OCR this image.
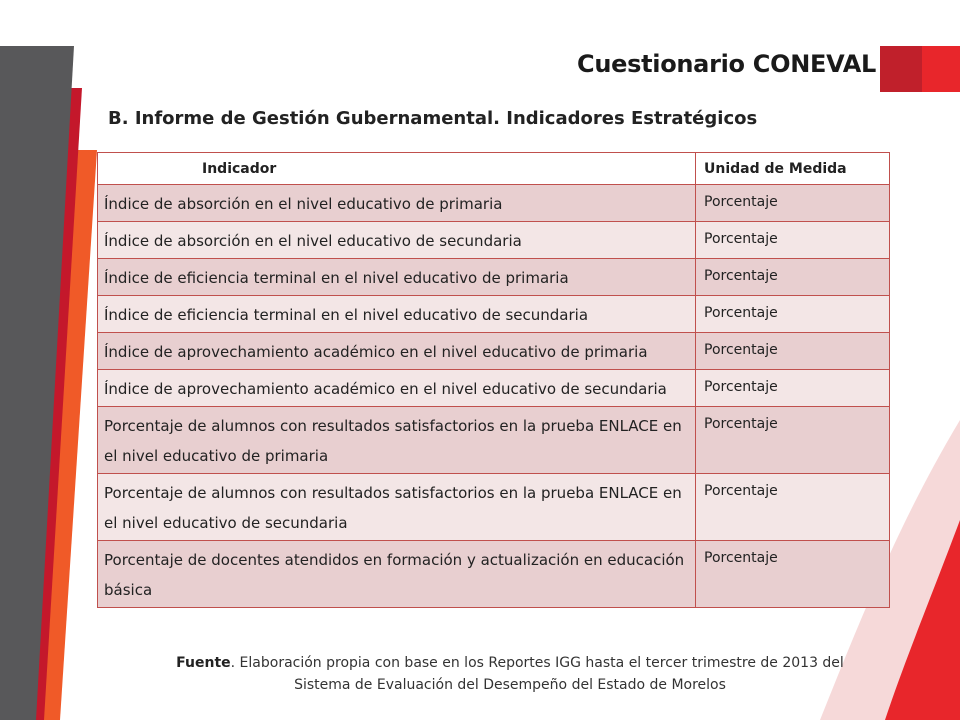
Cuestionario CONEVAL
B. Informe de Gestión Gubernamental. Indicadores Estratégicos
Indicador	Unidad de Medida
Índice de absorción en el nivel educativo de primaria	Porcentaje
Índice de absorción en el nivel educativo de secundaria	Porcentaje
Índice de eficiencia terminal en el nivel educativo de primaria	Porcentaje
Índice de eficiencia terminal en el nivel educativo de secundaria	Porcentaje
Índice de aprovechamiento académico en el nivel educativo de primaria	Porcentaje
Índice de aprovechamiento académico en el nivel educativo de secundaria	Porcentaje
Porcentaje de alumnos con resultados satisfactorios en la prueba ENLACE en el nivel educativo de primaria	Porcentaje
Porcentaje de alumnos con resultados satisfactorios en la prueba ENLACE en el nivel educativo de secundaria	Porcentaje
Porcentaje de docentes atendidos en formación y actualización en educación básica	Porcentaje
Fuente. Elaboración propia con base en los Reportes IGG hasta el tercer trimestre de 2013 del Sistema de Evaluación del Desempeño del Estado de Morelos
